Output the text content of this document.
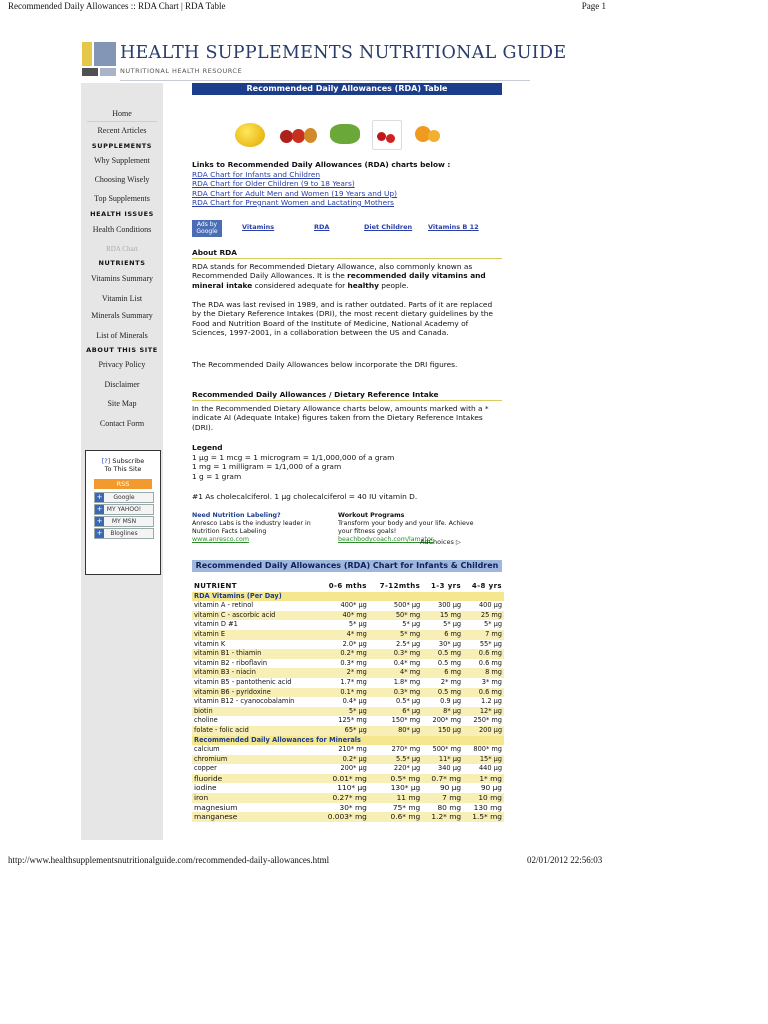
Recommended Daily Allowances :: RDA Chart | RDA Table	Page 1
HEALTH SUPPLEMENTS NUTRITIONAL GUIDE
NUTRITIONAL HEALTH RESOURCE
Home
Recent Articles
SUPPLEMENTS
Why Supplement
Choosing Wisely
Top Supplements
HEALTH ISSUES
Health Conditions
RDA Chart
NUTRIENTS
Vitamins Summary
Vitamin List
Minerals Summary
List of Minerals
ABOUT THIS SITE
Privacy Policy
Disclaimer
Site Map
Contact Form
[?] Subscribe
To This Site
RSS
+ Google
+ MY YAHOO!
+ MY MSN
+ Bloglines
Recommended Daily Allowances (RDA) Table
Links to Recommended Daily Allowances (RDA) charts below :
RDA Chart for Infants and Children
RDA Chart for Older Children (9 to 18 Years)
RDA Chart for Adult Men and Women (19 Years and Up)
RDA Chart for Pregnant Women and Lactating Mothers
Ads by Google
Vitamins	RDA	Diet Children Vitamins B 12
About RDA
RDA stands for Recommended Dietary Allowance, also commonly known as Recommended Daily Allowances. It is the recommended daily vitamins and mineral intake considered adequate for healthy people.
The RDA was last revised in 1989, and is rather outdated. Parts of it are replaced by the Dietary Reference Intakes (DRI), the most recent dietary guidelines by the Food and Nutrition Board of the Institute of Medicine, National Academy of Sciences, 1997-2001, in a collaboration between the US and Canada.
The Recommended Daily Allowances below incorporate the DRI figures.
Recommended Daily Allowances / Dietary Reference Intake
In the Recommended Dietary Allowance charts below, amounts marked with a * indicate AI (Adequate Intake) figures taken from the Dietary Reference Intakes (DRI).
Legend
1 µg = 1 mcg = 1 microgram = 1/1,000,000 of a gram
1 mg = 1 milligram = 1/1,000 of a gram
1 g = 1 gram
#1 As cholecalciferol. 1 µg cholecalciferol = 40 IU vitamin D.
Need Nutrition Labeling?
Anresco Labs is the industry leader in Nutrition Facts Labeling
www.anresco.com
Workout Programs
Transform your body and your life. Achieve your fitness goals!
beachbodycoach.com/lamator
AdChoices ▷
Recommended Daily Allowances (RDA) Chart for Infants & Children
NUTRIENT	0-6 mths	7-12mths	1-3 yrs	4-8 yrs
RDA Vitamins (Per Day)				
vitamin A - retinol	400* µg	500* µg	300 µg	400 µg
vitamin C - ascorbic acid	40* mg	50* mg	15 mg	25 mg
vitamin D #1	5* µg	5* µg	5* µg	5* µg
vitamin E	4* mg	5* mg	6 mg	7 mg
vitamin K	2.0* µg	2.5* µg	30* µg	55* µg
vitamin B1 - thiamin	0.2* mg	0.3* mg	0.5 mg	0.6 mg
vitamin B2 - riboflavin	0.3* mg	0.4* mg	0.5 mg	0.6 mg
vitamin B3 - niacin	2* mg	4* mg	6 mg	8 mg
vitamin B5 - pantothenic acid	1.7* mg	1.8* mg	2* mg	3* mg
vitamin B6 - pyridoxine	0.1* mg	0.3* mg	0.5 mg	0.6 mg
vitamin B12 - cyanocobalamin	0.4* µg	0.5* µg	0.9 µg	1.2 µg
biotin	5* µg	6* µg	8* µg	12* µg
choline	125* mg	150* mg	200* mg	250* mg
folate - folic acid	65* µg	80* µg	150 µg	200 µg
Recommended Daily Allowances for Minerals				
calcium	210* mg	270* mg	500* mg	800* mg
chromium	0.2* µg	5.5* µg	11* µg	15* µg
copper	200* µg	220* µg	340 µg	440 µg
fluoride	0.01* mg	0.5* mg	0.7* mg	1* mg
iodine	110* µg	130* µg	90 µg	90 µg
iron	0.27* mg	11 mg	7 mg	10 mg
magnesium	30* mg	75* mg	80 mg	130 mg
manganese	0.003* mg	0.6* mg	1.2* mg	1.5* mg
http://www.healthsupplementsnutritionalguide.com/recommended-daily-allowances.html	02/01/2012 22:56:03
